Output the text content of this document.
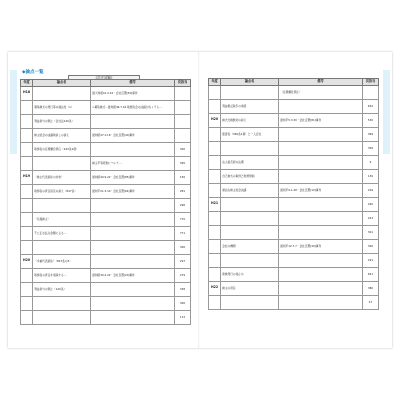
◆論点一覧
[司法試験]
年度	論点名	備考	頁該当
H18		最大判昭41.2.22・会社百選[32]事件	
	募集株式の発行等の適法性（1）	⇒募集株式…最判昭46.7.16 取締役会の決議がなくても…	
	利益供与の禁止（会社法120条）		
	株主総会の決議取消しの訴え	最判昭47.11.8・会社百選[40]事件	
	取締役の任務懈怠責任（423条1項）		300
		株主平等原則について…	395
H19	〈株主代表訴訟の対象〉	最判昭40.9.22・会社百選[85]事件	156
	取締役の責任追及の訴え（847条）	最判平21.3.10・会社百選[64]事件	281
			296
	〈名義株主〉		770
	不公正な払込金額による…		771
			300
H20	〈多重代表訴訟〉（847条の3）		297
	取締役の責任を免除する…	最判昭40.2.22・会社百選[20]事件	279
	利益供与の禁止（120条）		338
			300
			172
年度	論点名	備考	頁該当
		〈任務懈怠責任〉	
	利益相反取引の承認		622
H20	株式交換無効の訴え	最判平5.3.30・会社百選[81]事件	530
	監査役（356条1項）と一人会社		369
			356
	法人格否認の法理		9
	自己株式の取得と財源規制		130
	違法な株主総会決議	最判平9.1.28・会社百選[10]事件	229
H21			240
			243
			301
	会社の機関	最判平12.7.7・会社百選[49]事件	300
			291
	新株発行の差止め		621
H22	株主の責任		380
			47
